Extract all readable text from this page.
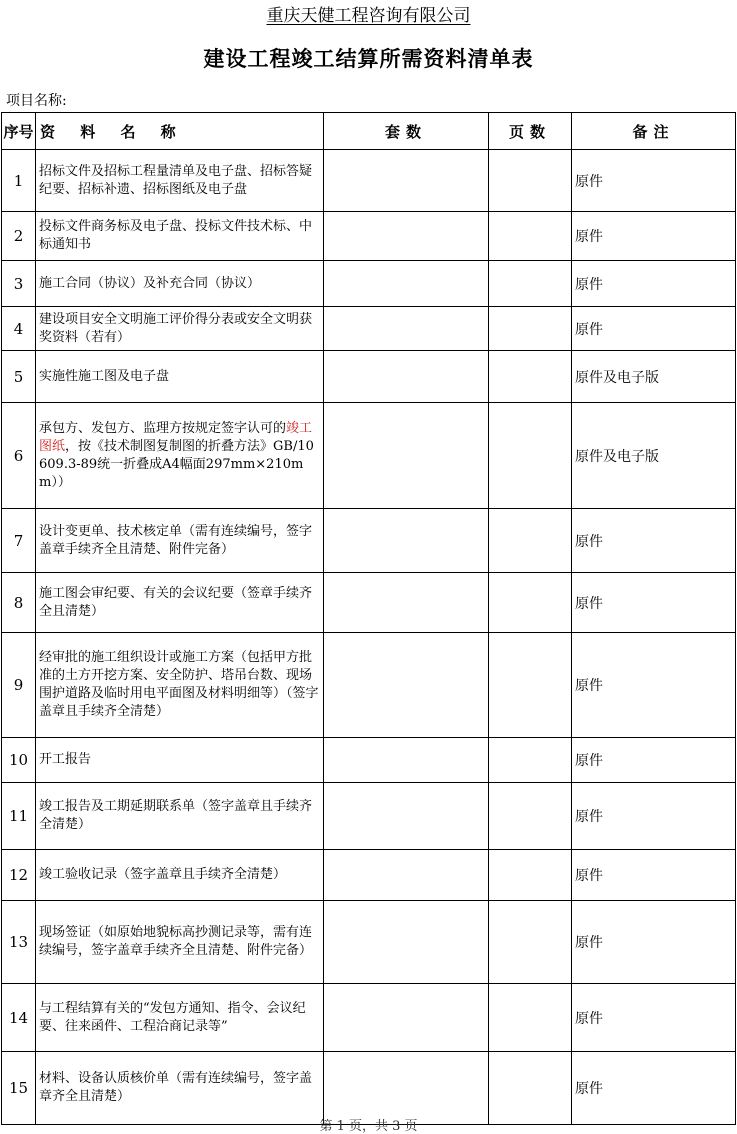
重庆天健工程咨询有限公司
建设工程竣工结算所需资料清单表
项目名称:
序号	资 料 名 称	套数	页数	备注
1	招标文件及招标工程量清单及电子盘、招标答疑纪要、招标补遗、招标图纸及电子盘			原件
2	投标文件商务标及电子盘、投标文件技术标、中标通知书			原件
3	施工合同（协议）及补充合同（协议）			原件
4	建设项目安全文明施工评价得分表或安全文明获奖资料（若有）			原件
5	实施性施工图及电子盘			原件及电子版
6	承包方、发包方、监理方按规定签字认可的竣工图纸，按《技术制图复制图的折叠方法》GB/10609.3-89统一折叠成A4幅面297mm×210mm））			原件及电子版
7	设计变更单、技术核定单（需有连续编号，签字盖章手续齐全且清楚、附件完备）			原件
8	施工图会审纪要、有关的会议纪要（签章手续齐全且清楚）			原件
9	经审批的施工组织设计或施工方案（包括甲方批准的土方开挖方案、安全防护、塔吊台数、现场围护道路及临时用电平面图及材料明细等）（签字盖章且手续齐全清楚）			原件
10	开工报告			原件
11	竣工报告及工期延期联系单（签字盖章且手续齐全清楚）			原件
12	竣工验收记录（签字盖章且手续齐全清楚）			原件
13	现场签证（如原始地貌标高抄测记录等，需有连续编号，签字盖章手续齐全且清楚、附件完备）			原件
14	与工程结算有关的“发包方通知、指令、会议纪要、往来函件、工程洽商记录等”			原件
15	材料、设备认质核价单（需有连续编号，签字盖章齐全且清楚）			原件
第 1 页，共 3 页
